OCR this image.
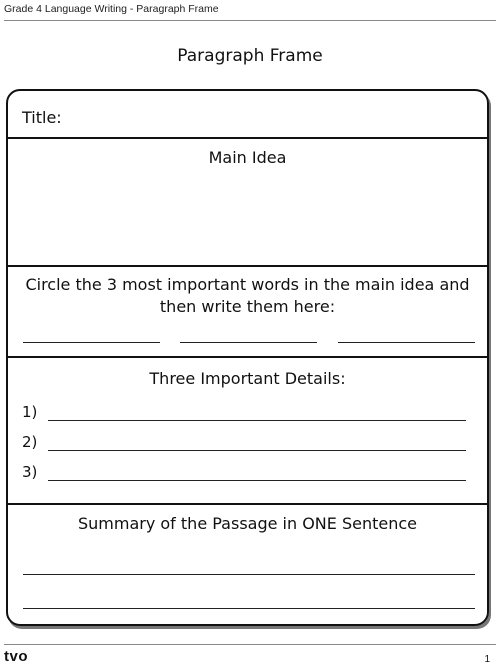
Grade 4 Language Writing - Paragraph Frame
Paragraph Frame
Title:
Main Idea
Circle the 3 most important words in the main idea and
then write them here:
Three Important Details:
1)
2)
3)
Summary of the Passage in ONE Sentence
tvo	1
